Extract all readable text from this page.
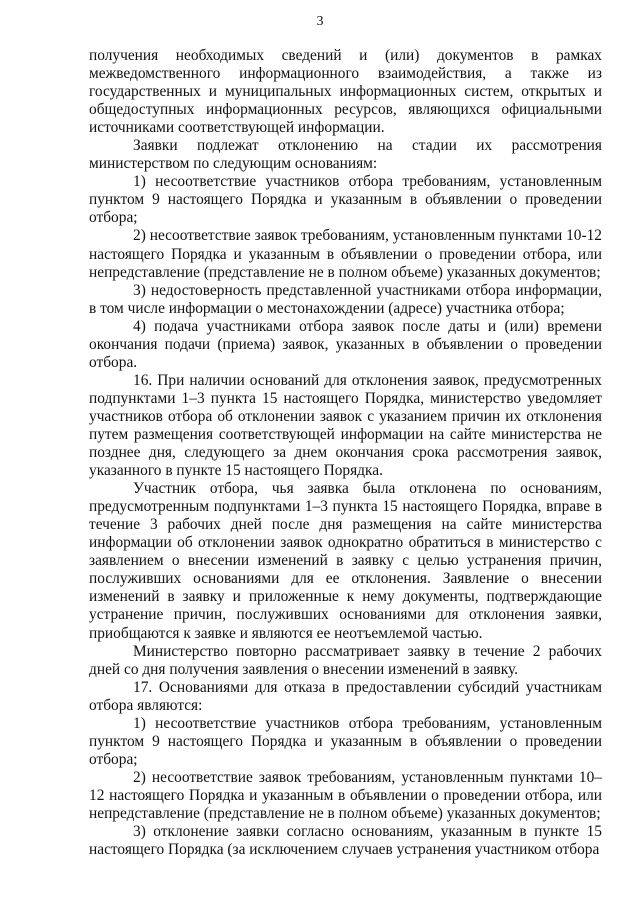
3

получения необходимых сведений и (или) документов в рамках межведомственного информационного взаимодействия, а также из государственных и муниципальных информационных систем, открытых и общедоступных информационных ресурсов, являющихся официальными источниками соответствующей информации.

Заявки подлежат отклонению на стадии их рассмотрения министерством по следующим основаниям:

1) несоответствие участников отбора требованиям, установленным пунктом 9 настоящего Порядка и указанным в объявлении о проведении отбора;

2) несоответствие заявок требованиям, установленным пунктами 10-12 настоящего Порядка и указанным в объявлении о проведении отбора, или непредставление (представление не в полном объеме) указанных документов;

3) недостоверность представленной участниками отбора информации, в том числе информации о местонахождении (адресе) участника отбора;

4) подача участниками отбора заявок после даты и (или) времени окончания подачи (приема) заявок, указанных в объявлении о проведении отбора.

16. При наличии оснований для отклонения заявок, предусмотренных подпунктами 1–3 пункта 15 настоящего Порядка, министерство уведомляет участников отбора об отклонении заявок с указанием причин их отклонения путем размещения соответствующей информации на сайте министерства не позднее дня, следующего за днем окончания срока рассмотрения заявок, указанного в пункте 15 настоящего Порядка.

Участник отбора, чья заявка была отклонена по основаниям, предусмотренным подпунктами 1–3 пункта 15 настоящего Порядка, вправе в течение 3 рабочих дней после дня размещения на сайте министерства информации об отклонении заявок однократно обратиться в министерство с заявлением о внесении изменений в заявку с целью устранения причин, послуживших основаниями для ее отклонения. Заявление о внесении изменений в заявку и приложенные к нему документы, подтверждающие устранение причин, послуживших основаниями для отклонения заявки, приобщаются к заявке и являются ее неотъемлемой частью.

Министерство повторно рассматривает заявку в течение 2 рабочих дней со дня получения заявления о внесении изменений в заявку.

17. Основаниями для отказа в предоставлении субсидий участникам отбора являются:

1) несоответствие участников отбора требованиям, установленным пунктом 9 настоящего Порядка и указанным в объявлении о проведении отбора;

2) несоответствие заявок требованиям, установленным пунктами 10–12 настоящего Порядка и указанным в объявлении о проведении отбора, или непредставление (представление не в полном объеме) указанных документов;

3) отклонение заявки согласно основаниям, указанным в пункте 15 настоящего Порядка (за исключением случаев устранения участником отбора
